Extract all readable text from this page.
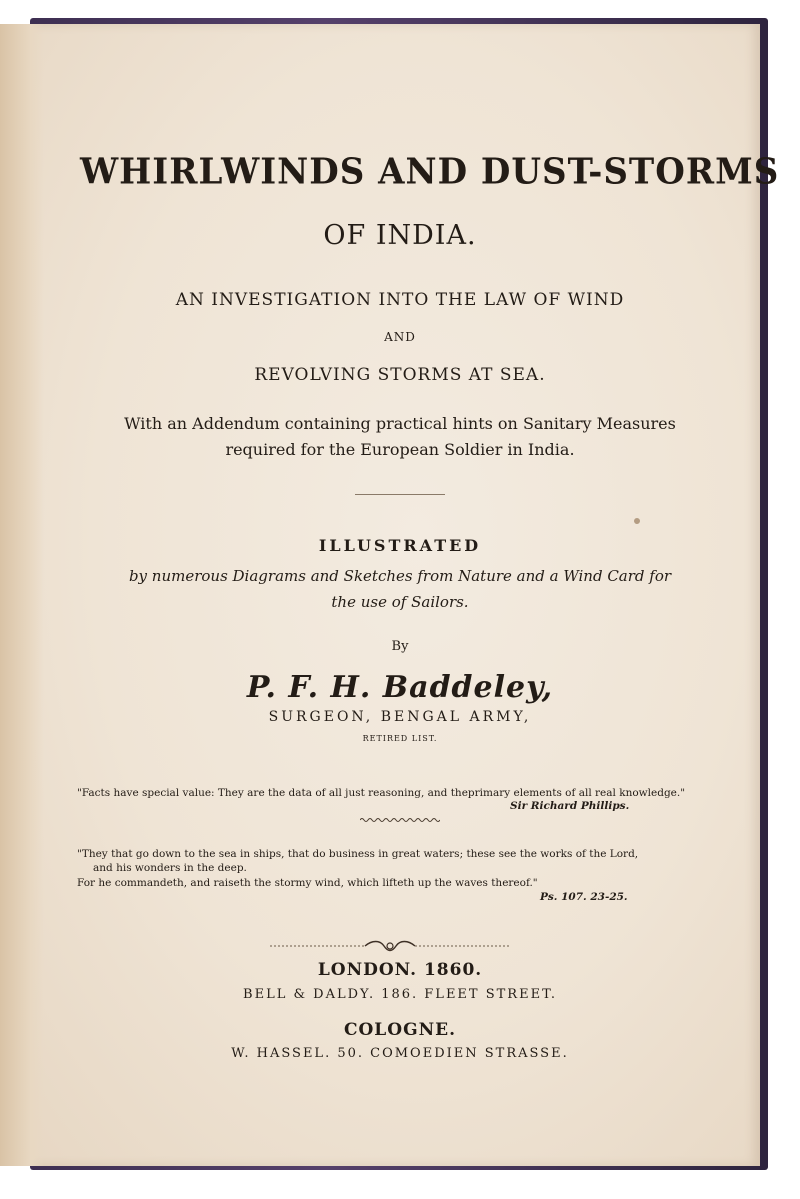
WHIRLWINDS AND DUST-STORMS
OF INDIA.
AN INVESTIGATION INTO THE LAW OF WIND
AND
REVOLVING STORMS AT SEA.
With an Addendum containing practical hints on Sanitary Measures
required for the European Soldier in India.
ILLUSTRATED
by numerous Diagrams and Sketches from Nature and a Wind Card for
the use of Sailors.
By
P. F. H. Baddeley,
SURGEON, BENGAL ARMY,
RETIRED LIST.
"Facts have special value: They are the data of all just reasoning, and theprimary elements of all real knowledge."
Sir Richard Phillips.
"They that go down to the sea in ships, that do business in great waters; these see the works of the Lord,
and his wonders in the deep.
For he commandeth, and raiseth the stormy wind, which lifteth up the waves thereof."
Ps. 107. 23-25.
LONDON. 1860.
BELL & DALDY. 186. FLEET STREET.
COLOGNE.
W. HASSEL. 50. COMOEDIEN STRASSE.
